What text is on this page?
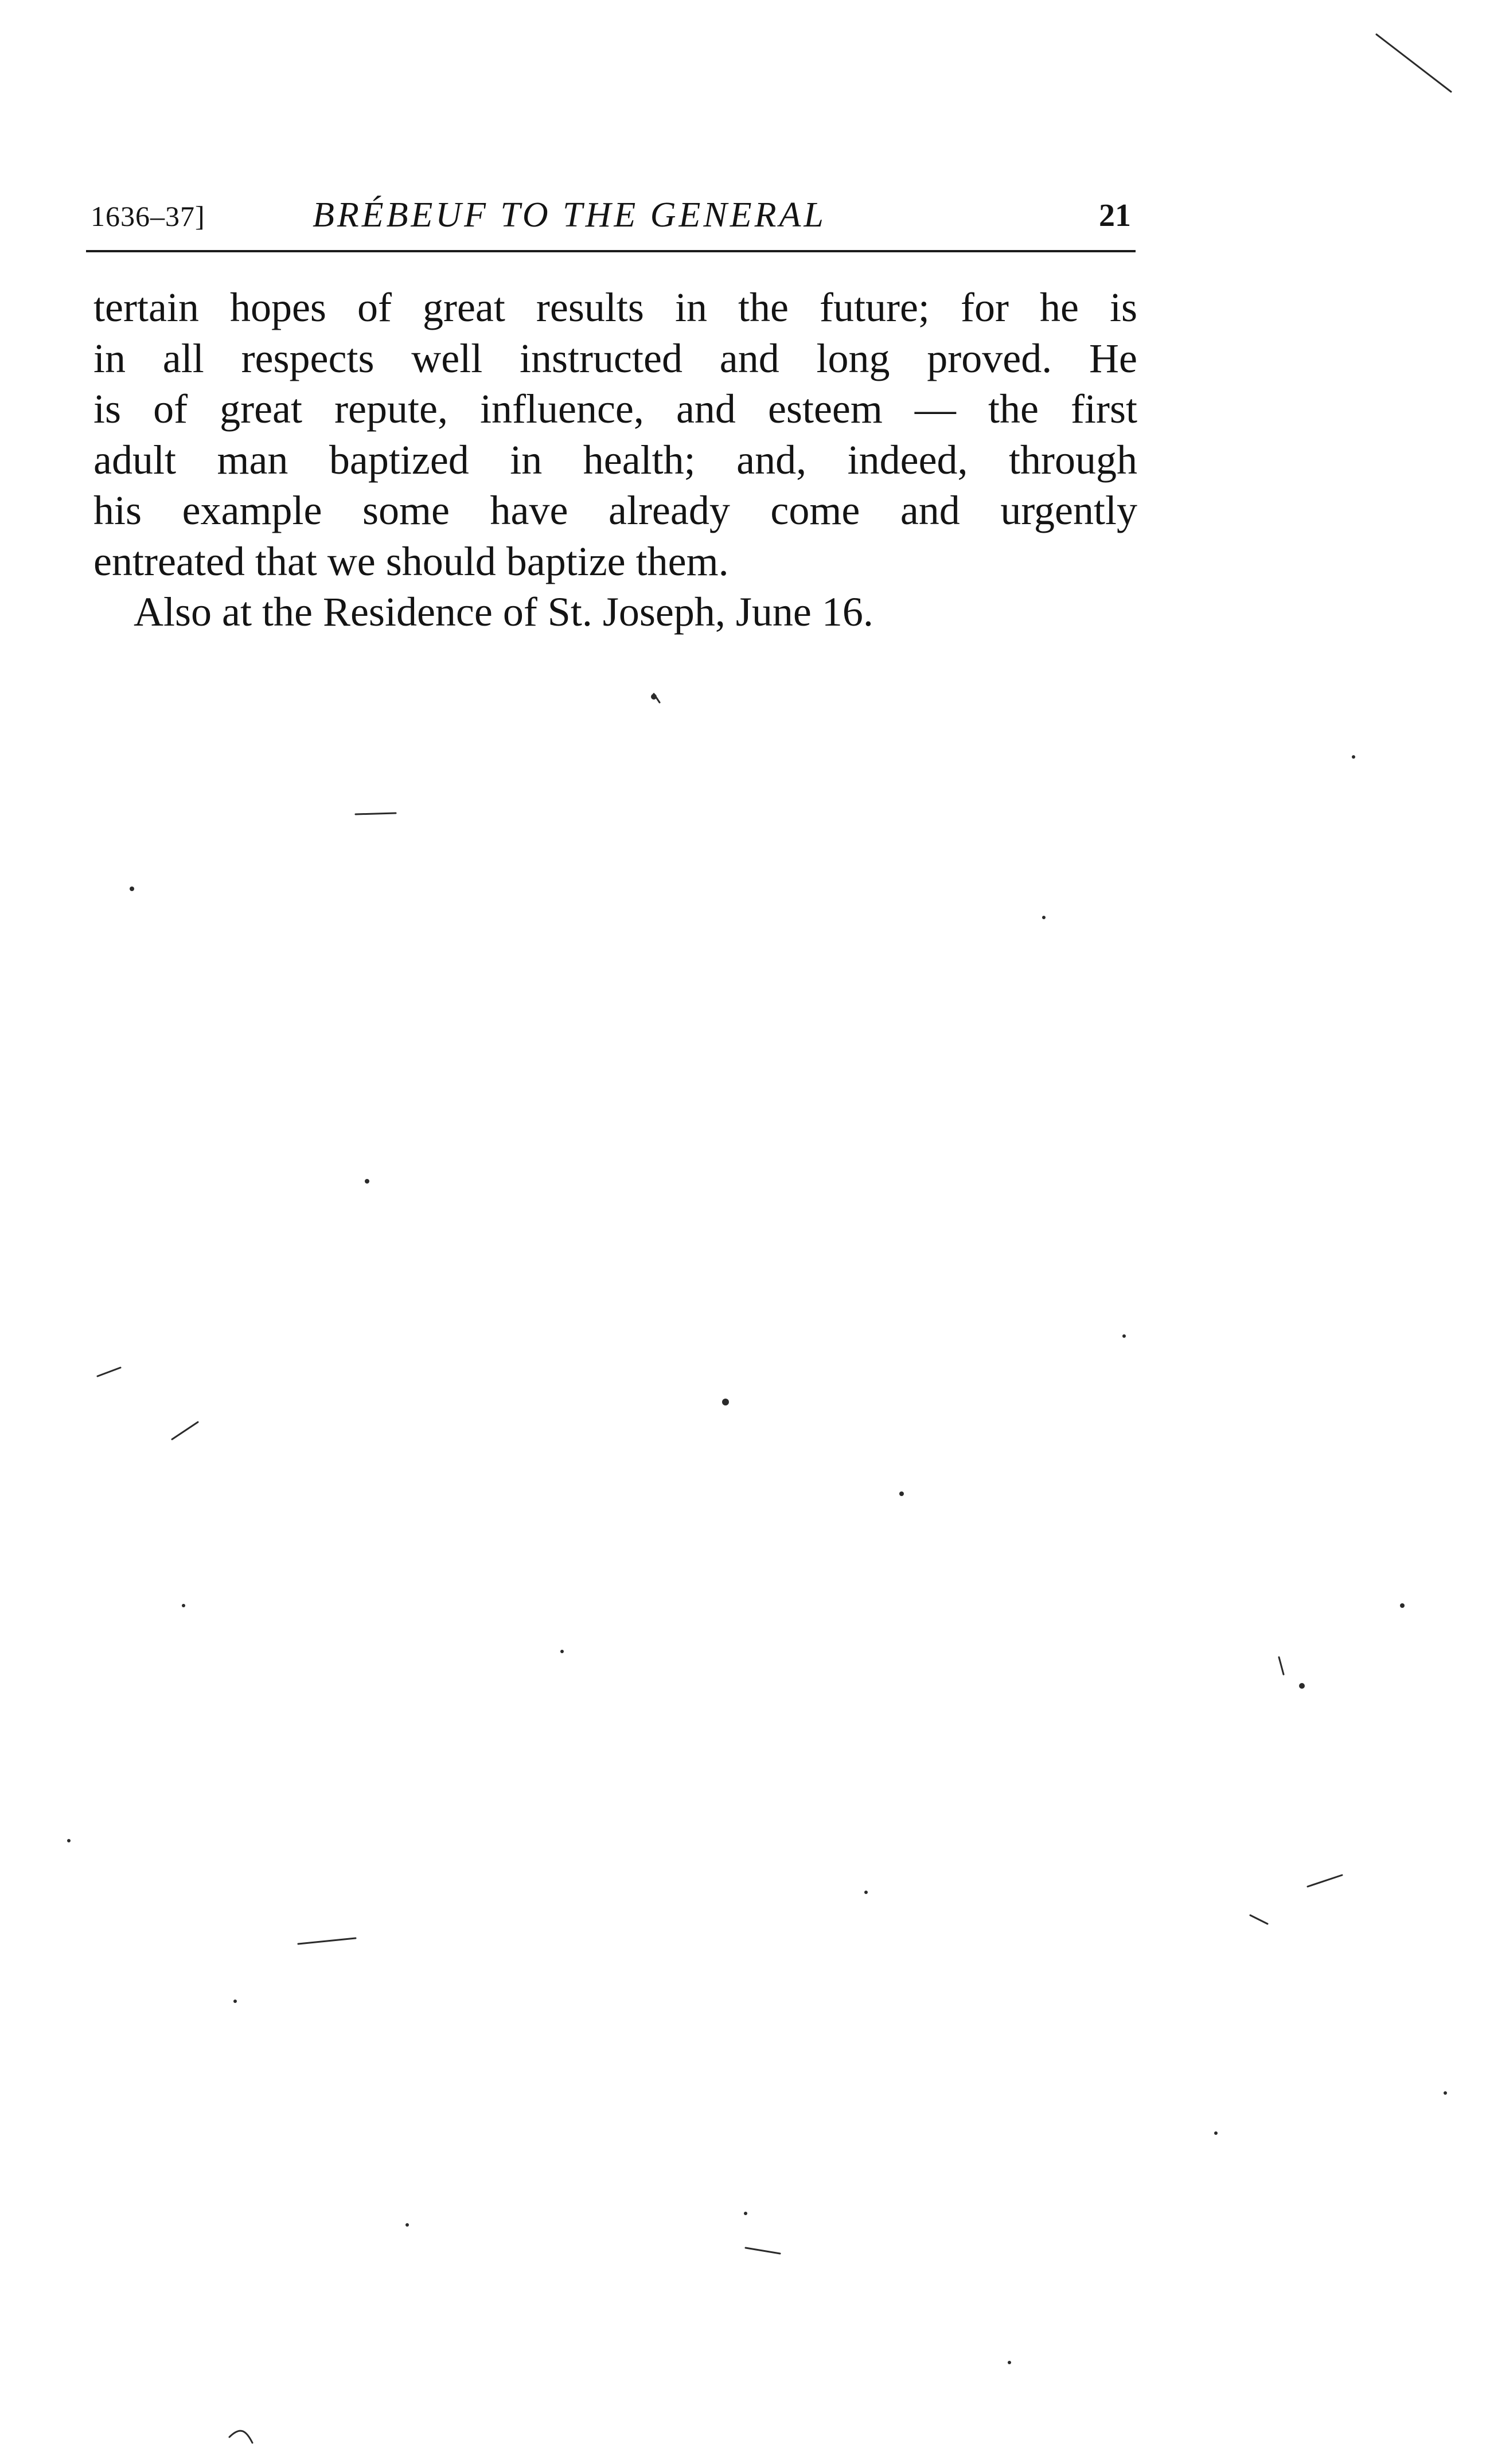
1636–37]	BRÉBEUF TO THE GENERAL	21
tertain hopes of great results in the future; for he is
in all respects well instructed and long proved. He
is of great repute, influence, and esteem — the first
adult man baptized in health; and, indeed, through
his example some have already come and urgently
entreated that we should baptize them.
Also at the Residence of St. Joseph, June 16.
